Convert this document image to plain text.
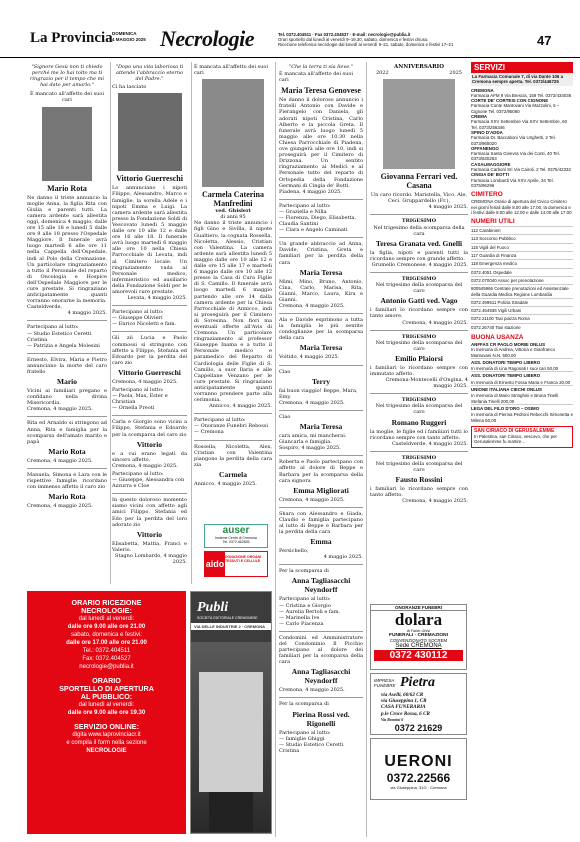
La Provincia DOMENICA
4 MAGGIO 2025 Necrologie	Tel. 0372.404511 · Fax 0372.404537 · E-mail: necrologie@publia.it
Orari sportello dal lunedì al venerdì 9–19.30, sabato, domenica e festivi chiuso.
Ricezione telefonica necrologie dal lunedì al venerdì 9–21, sabato, domenica e festivi 17–21	47
"Signore Gesù non ti chiedo perché me lo hai tolto ma ti ringrazio per il tempo che mi hai dato per amarlo."
È mancato all'affetto dei suoi cari
Mario Rota
Ne danno il triste annuncio la moglie Anna, la figlia Rita con Giulia e parenti tutti. La camera ardente sarà allestita oggi, domenica 4 maggio, dalle ore 15 alle 18 e lunedì 5 dalle ore 9 alle 18 presso l'Ospedale Maggiore. Il funerale avrà luogo martedì 6 alle ore 11 nella Cappella dell'Ospedale, indi al Polo della Cremazione. Un particolare ringraziamento a tutto il Personale del reparto di Oncologia e Hospice dell'Ospedale Maggiore per le cure prestate. Si ringraziano anticipatamente quanti vorranno onorarne la memoria.
Casteldverde,
4 maggio 2025.
Partecipano al lutto:
— Studio Estetico Ceretti Cristina
— Patrizia e Angela Molesini
Ernesto, Elvira, Maria e Pietro annunciano la morte del caro fratello
Mario
Vicini ai familiari pregano e confidano nella divina Misericordia.
Cremona, 4 maggio 2025.
Rita ed Arnaldo si stringono ad Anna, Rita e famiglia per la scomparsa dell'amato marito e papà
Mario Rota
Cremona, 4 maggio 2025.
Manuela, Simona e Lara con le rispettive famiglie ricordano con immenso affetto il caro zio
Mario Rota
Cremona, 4 maggio 2025.
"Dopo una vita laboriosa ti attende l'abbraccio eterno del Padre."
Ci ha lasciato
Vittorio Guerreschi
Lo annunciano i nipoti Filippo, Alessandro, Marco e famiglie, la sorella Adele e i nipoti Emma e Luigi. La camera ardente sarà allestita presso la Fondazione Soldi di Vescovato lunedì 5 maggio dalle ore 10 alle 12 e dalle ore 16 alle 18. Il funerale avrà luogo martedì 6 maggio alle ore 10 nella Chiesa Parrocchiale di Levata, indi al Cimitero locale. Un ringraziamento vada al Personale medico, infermieristico ed ausiliario della Fondazione Soldi per le amorevoli cure prestate.
Levata, 4 maggio 2025.
Partecipano al lutto:
— Giuseppe Olivieri
— Enrico Nicoletti e fam.
Gli zii Lucia e Paolo commossi si stringono con affetto a Filippo, Stefania ed Edoardo per la perdita del caro zio
Vittorio Guerreschi
Cremona, 4 maggio 2025.
Partecipano al lutto:
— Paola, Max, Ester e Christian
— Ornella Preoti
Carla e Giorgio sono vicini a Filippo, Stefania e Edoardo per la scomparsa del caro zio
Vittorio
e a cui erano legati da sincero affetto.
Cremona, 4 maggio 2025.
Partecipano al lutto:
— Giuseppe, Alessandra con Azzurra e Cloe
In questo doloroso momento siamo vicini con affetto agli amici Filippo, Stefania ed Edo per la perdita del loro adorato zio
Vittorio
Elisabetta, Mattia, Franci e Valerio.
Stagno Lombardo, 4 maggio 2025.
È mancata all'affetto dei suoi cari
Carmela Caterina Manfredini
ved. Ghisleri
di anni 95
Ne danno il triste annuncio i figli Gino e Sivilla, il nipote Gualtiero, la cognata Rossella, Nicoletta, Alessio, Cristian con Valentina. La camera ardente sarà allestita lunedì 5 maggio dalle ore 10 alle 12 e dalle ore 15 alle 17 e martedì 6 maggio dalle ore 10 alle 12 presso la Casa di Cura Figlie di S. Camillo. Il funerale avrà luogo martedì 6 maggio partendo alle ore 14 dalla camera ardente per la Chiesa Parrocchiale di Annicco, indi si proseguirà per il Cimitero di Soresina. Non fiori ma eventuali offerte all'Avis di Cremona. Un particolare ringraziamento al professor Giuseppe Inama e a tutto il Personale medico e paramedico del Reparto di Cardiologia delle Figlie di S. Camillo, a suor Ilaria e alle Cappellane Venzano per le cure prestate. Si ringraziano anticipatamente quanti vorranno prendere parte alla cerimonia.
Annicco, 4 maggio 2025.
Partecipano al lutto:
— Onoranze Funebri Rebossi
— Cremona
Rossella, Nicoletta, Alex, Cristian con Valentina piangono la perdita della cara zia
Carmela
Annicco, 4 maggio 2025.
auser
Insieme Centri di Cremona
Tel. 0372.462835
aido
DONAZIONE ORGANI TESSUTI E CELLULE
"Che la terra ti sia lieve."
È mancata all'affetto dei suoi cari
Maria Teresa Genovese
Ne danno il doloroso annuncio i fratelli Antonio con Davide e Pierangelo con Daniela, gli adorati nipoti Cristina, Carlo Alberto e la piccola Greta. Il funerale avrà luogo lunedì 5 maggio alle ore 10.30 nella Chiesa Parrocchiale di Piadena, ove giungerà alle ore 10, indi si proseguirà per il Cimitero di Drizzona. Un sentito ringraziamento ai Medici e al Personale tutto del reparto di Ortopedia della Fondazione Germani di Cingia de' Botti.
Piadena, 4 maggio 2025.
Partecipano al lutto:
— Graziella e Nilla
— Fiorenza, Diego, Elisabetta, Claudia Santini
— Clara e Angelo Caminati
Un grande abbraccio ad Anna, Davide, Cristina, Greta e familiari per la perdita della cara
Maria Teresa
Mimi, Mino, Bruno, Antonio, Cina, Carlo, Marisa, Rita, Gianni, Marco, Laura, Kira e Gianni.
Cremona, 4 maggio 2025.
Ala e Davide esprimono a tutta la famiglia le più sentite condoglianze per la scomparsa della cara
Maria Teresa
Voltido, 4 maggio 2025.
Ciao
Terry
fai buon viaggio! Beppe, Mara, Emy.
Cremona, 4 maggio 2025.
Ciao
Maria Teresa
cara amica, mi mancherai. Giancarla e famiglia.
Sospiro, 4 maggio 2025.
Roberta e Paolo partecipano con affetto al dolore di Beppe e Barbara per la scomparsa della cara signora
Emma Migliorati
Cremona, 4 maggio 2025.
Shara con Alessandro e Giada, Claudio e famiglia partecipano al lutto di Beppe e Barbara per la perdita della cara
Emma
Persichello,
4 maggio 2025.
Per la scomparsa di
Anna Tagliasacchi Neyndorff
Partecipano al lutto:
— Cristina e Giorgio
— Aurelia Bertoli e fam.
— Marinella Ive
— Carlo Piacenza
Condomini ed Amministratore del Condominio Il Picchio partecipano al dolore dei familiari per la scomparsa della cara
Anna Tagliasacchi Neyndorff
Cremona, 4 maggio 2025.
Per la scomparsa di
Pierina Rossi ved. Rigonelli
Partecipano al lutto:
— famiglie Ghiggi
— Studio Estetico Ceretti Cristina
ANNIVERSARIO
2022	2025
Giovanna Ferrari ved. Casana
Un caro ricordo. Maristella, Vico, Ale, Ceci. Gruppardello (Fr.),
4 maggio 2025.
TRIGESIMO
Nel trigesimo della scomparsa della cara
Teresa Granata ved. Gnelli
la figlia, nipoti e parenti tutti la ricordano sempre con grande affetto.
Grumello Cremonese, 4 maggio 2025.
TRIGESIMO
Nel trigesimo della scomparsa del caro
Antonio Gatti ved. Vago
i familiari lo ricordano sempre con tanto amore.
Cremona, 4 maggio 2025.
TRIGESIMO
Nel trigesimo della scomparsa del caro
Emilio Plaiorsi
i familiari lo ricordano sempre con immutato affetto.
Cremona-Montecelli d'Ongina, 4 maggio 2025.
TRIGESIMO
Nel trigesimo della scomparsa del caro
Romano Ruggeri
la moglie, le figlie ed i familiari tutti lo ricordano sempre con tanto affetto.
Casteldverde, 4 maggio 2025.
TRIGESIMO
Nel trigesimo della scomparsa del caro
Fausto Rossini
i familiari lo ricordano sempre con tanto affetto.
Cremona, 4 maggio 2025.
ONORANZE FUNEBRI
dolara
di Fabio Ghisi
FUNERALI · CREMAZIONI
CONVENZIONATO SOCREM
Sede CREMONA
0372 430112
IMPRESA FUNEBRE Pietra
via Aselli, 60/62 CR
via Giuseppina 1, CR
CASA FUNERARIA
p.le Croce Rossa, 6 CR
Via Rosmini 6
0372 21629
UERONI
0372.22566
via Giuseppina, 31G · Cremona
ORARIO RICEZIONE
NECROLOGIE:
dal lunedì al venerdì:
dalle ore 9.00 alle ore 21.00
sabato, domenica e festivi:
dalle ore 17.00 alle ore 21.00
Tel.: 0372.404511
Fax: 0372.404527
necrologie@publia.it
ORARIO
SPORTELLO DI APERTURA
AL PUBBLICO:
dal lunedì al venerdì:
dalle ore 9.00 alle ore 19.30
SERVIZIO ONLINE:
digita www.laprovinciacr.it
e compila il form nella sezione
NECROLOGIE
Publi
SOCIETÀ EDITORIALE CREMONESE
VIA DELLE INDUSTRIE 2 · CREMONA
SERVIZI
La Farmacia Comunale 7, di via Dante 106 a Cremona sempre aperta. Tel. 0372/446725
CREMONA
Farmacia AFM 9 Via Brescia, 159 Tel. 0372/434036
CORTE DE' CORTESI CON CIGNONE
Farmacia Conte Mantovani Via Mazzolini, 5 – Cignone Tel. 0372/95060
CREMA
Farmacia XXV Settembre Via XXV Settembre, 60 Tel. 0373/256346
SPINO D'ADDA
Farmacia Dr. Baccaboni Via Unghetti, 2 Tel. 0373/965020
OFFANENGO
Farmacia Santa Ginevra Via dei Conti, 40 Tel. 0373/630263
CASALMAGGIORE
Farmacia Carboni Sri Via Cairoli, 2 Tel. 0375/42332
CINGIA DE' BOTTI
Farmacia Lombardi Via XXV Aprile, 34 Tel. 0375/96296
CIMITERO
CREMONA Orario di apertura del Civico Cimitero nei giorni feriali dalle 8.00 alle 17.00, la domenica e i festivi dalle 8.00 alle 12.00 e dalle 14.00 alle 17.00
NUMERI UTILI
112 Carabinieri
113 Soccorso Pubblico
115 Vigili del Fuoco
117 Guardia di Finanza
118 Emergenza medico
0372.4051 Ospedale
0372.070040 Assoc per prenotazione
800545966 Centrale prenotazioni ed Assistenziale della Guardia Medica Regione Lombardia
0372.499511 Polizia Stradale
0372.454936 Vigili Urbani
0372.21100 Taxi piazza Roma
0372.26740 Taxi stazione
BUONA USANZA
ANFFAS CR PAOLO MORBI ONLUS
In memoria di Andrea, Vittoria e Gianfranco Mantovani N.N. 500,00
ASS. DONATORI TEMPO LIBERO
In memoria di Lina Ragonati I suoi cari 50,00
ASS. DONATORI TEMPO LIBERO
In memoria di Ernesto Fossa Maria e Franca 20,00
UNIONE ITALIANA CIECHI ONLUS
In memoria di Mario Stringhini e Bruna Tinelli Stefania Tinelli 200,00
LEGA DEL FILO D'ORO – OSIMO
In memoria di Pierina Pedroni Rebecchi Simonetta e Milena 50,00
SAN CIRIACO DI GERUSALEMME
In Palestina, san Ciriaco, vescovo, che per Gerusalemme fu martire...
